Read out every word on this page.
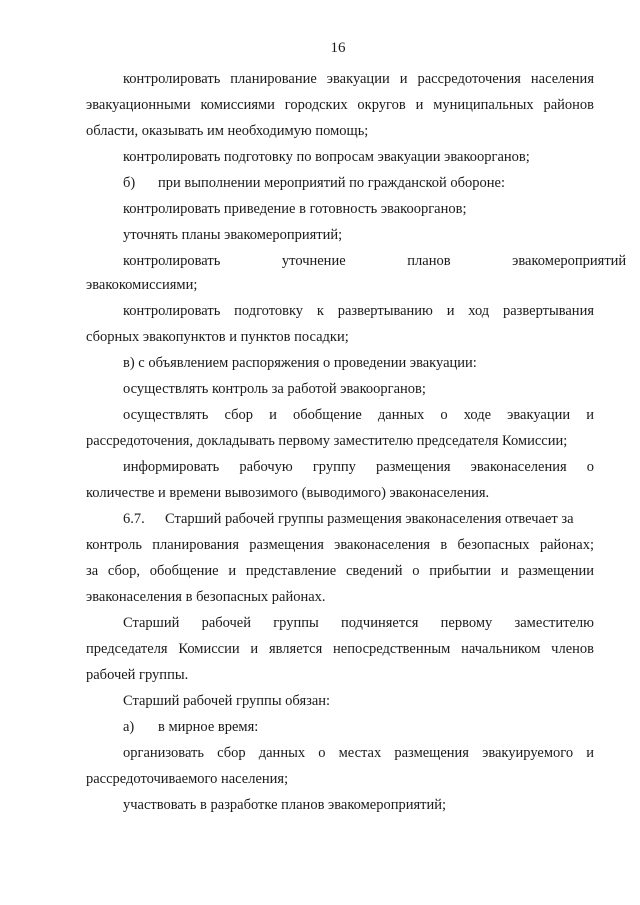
16
контролировать планирование эвакуации и рассредоточения населения
эвакуационными комиссиями городских округов и муниципальных районов
области, оказывать им необходимую помощь;
контролировать подготовку по вопросам эвакуации эвакоорганов;
б) при выполнении мероприятий по гражданской обороне:
контролировать приведение в готовность эвакоорганов;
уточнять планы эвакомероприятий;
контролировать уточнение планов эвакомероприятий
эвакокомиссиями;
контролировать подготовку к развертыванию и ход развертывания
сборных эвакопунктов и пунктов посадки;
в) с объявлением распоряжения о проведении эвакуации:
осуществлять контроль за работой эвакоорганов;
осуществлять сбор и обобщение данных о ходе эвакуации и
рассредоточения, докладывать первому заместителю председателя Комиссии;
информировать рабочую группу размещения эваконаселения о
количестве и времени вывозимого (выводимого) эваконаселения.
6.7. Старший рабочей группы размещения эваконаселения отвечает за
контроль планирования размещения эваконаселения в безопасных районах;
за сбор, обобщение и представление сведений о прибытии и размещении
эваконаселения в безопасных районах.
Старший рабочей группы подчиняется первому заместителю
председателя Комиссии и является непосредственным начальником членов
рабочей группы.
Старший рабочей группы обязан:
а) в мирное время:
организовать сбор данных о местах размещения эвакуируемого и
рассредоточиваемого населения;
участвовать в разработке планов эвакомероприятий;
